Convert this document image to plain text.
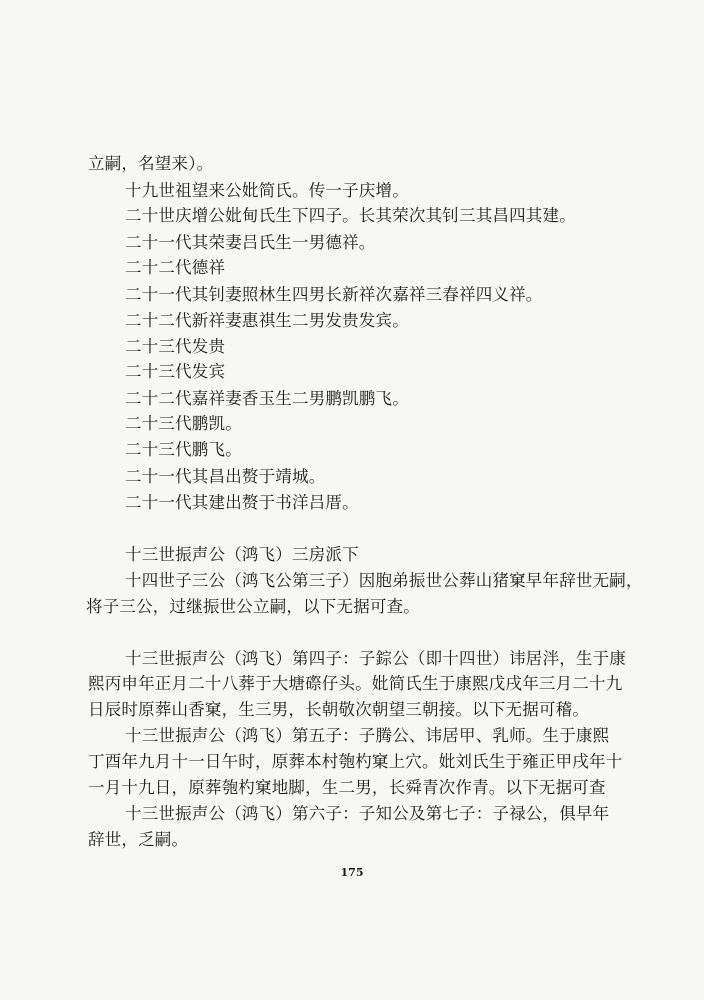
立嗣，名望来）。
十九世祖望来公妣简氏。传一子庆增。
二十世庆增公妣甸氏生下四子。长其荣次其钊三其昌四其建。
二十一代其荣妻吕氏生一男德祥。
二十二代德祥
二十一代其钊妻照林生四男长新祥次嘉祥三春祥四义祥。
二十二代新祥妻惠祺生二男发贵发宾。
二十三代发贵
二十三代发宾
二十二代嘉祥妻香玉生二男鹏凯鹏飞。
二十三代鹏凯。
二十三代鹏飞。
二十一代其昌出赘于靖城。
二十一代其建出赘于书洋吕厝。
十三世振声公（鸿飞）三房派下
十四世子三公（鸿飞公第三子）因胞弟振世公葬山猪窠早年辞世无嗣，
将子三公，过继振世公立嗣，以下无据可查。
十三世振声公（鸿飞）第四子：子錝公（即十四世）讳居泮，生于康
熙丙申年正月二十八葬于大塘磜仔头。妣简氏生于康熙戊戌年三月二十九
日辰时原葬山香窠，生三男，长朝敬次朝望三朝接。以下无据可稽。
十三世振声公（鸿飞）第五子：子腾公、讳居甲、乳师。生于康熙
丁酉年九月十一日午时，原葬本村匏杓窠上穴。妣刘氏生于雍正甲戌年十
一月十九日，原葬匏杓窠地脚，生二男，长舜青次作青。以下无据可查
十三世振声公（鸿飞）第六子：子知公及第七子：子禄公，俱早年
辞世，乏嗣。
175
